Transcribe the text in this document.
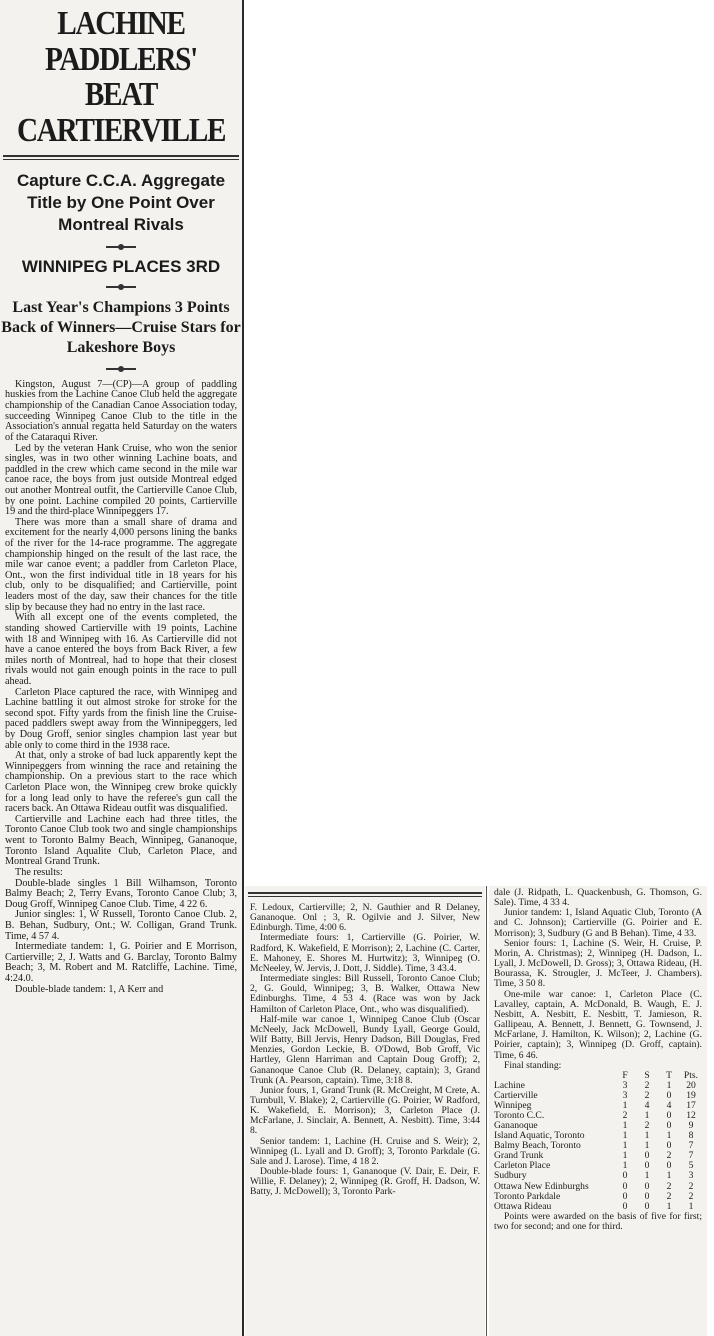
LACHINE PADDLERS' BEAT CARTIERVILLE
Capture C.C.A. Aggregate Title by One Point Over Montreal Rivals
WINNIPEG PLACES 3RD
Last Year's Champions 3 Points Back of Winners—Cruise Stars for Lakeshore Boys

Kingston, August 7—(CP)—A group of paddling huskies from the Lachine Canoe Club held the aggregate championship of the Canadian Canoe Association today, succeeding Winnipeg Canoe Club to the title in the Association's annual regatta held Saturday on the waters of the Cataraqui River.

Led by the veteran Hank Cruise, who won the senior singles, was in two other winning Lachine boats, and paddled in the crew which came second in the mile war canoe race, the boys from just outside Montreal edged out another Montreal outfit, the Cartierville Canoe Club, by one point. Lachine compiled 20 points, Cartierville 19 and the third-place Winnipeggers 17.

There was more than a small share of drama and excitement for the nearly 4,000 persons lining the banks of the river for the 14-race programme. The aggregate championship hinged on the result of the last race, the mile war canoe event; a paddler from Carleton Place, Ont., won the first individual title in 18 years for his club, only to be disqualified; and Cartierville, point leaders most of the day, saw their chances for the title slip by because they had no entry in the last race.

With all except one of the events completed, the standing showed Cartierville with 19 points, Lachine with 18 and Winnipeg with 16. As Cartierville did not have a canoe entered the boys from Back River, a few miles north of Montreal, had to hope that their closest rivals would not gain enough points in the race to pull ahead.

Carleton Place captured the race, with Winnipeg and Lachine battling it out almost stroke for stroke for the second spot. Fifty yards from the finish line the Cruise-paced paddlers swept away from the Winnipeggers, led by Doug Groff, senior singles champion last year but able only to come third in the 1938 race.

At that, only a stroke of bad luck apparently kept the Winnipeggers from winning the race and retaining the championship. On a previous start to the race which Carleton Place won, the Winnipeg crew broke quickly for a long lead only to have the referee's gun call the racers back. An Ottawa Rideau outfit was disqualified.

Cartierville and Lachine each had three titles, the Toronto Canoe Club took two and single championships went to Toronto Balmy Beach, Winnipeg, Gananoque, Toronto Island Aqualite Club, Carleton Place, and Montreal Grand Trunk.

The results:

Double-blade singles 1 Bill Wilhamson, Toronto Balmy Beach; 2, Terry Evans, Toronto Canoe Club; 3, Doug Groff, Winnipeg Canoe Club. Time, 4 22 6.

Junior singles: 1, W Russell, Toronto Canoe Club. 2, B. Behan, Sudbury, Ont.; W. Colligan, Grand Trunk. Time, 4 57 4.

Intermediate tandem: 1, G. Poirier and E Morrison, Cartierville; 2, J. Watts and G. Barclay, Toronto Balmy Beach; 3, M. Robert and M. Ratcliffe, Lachine. Time, 4:24.0.

Double-blade tandem: 1, A Kerr and

F. Ledoux, Cartierville; 2, N. Gauthier and R Delaney, Gananoque. Onl ; 3, R. Ogilvie and J. Silver, New Edinburgh. Time, 4:00 6.

Intermediate fours: 1, Cartierville (G. Poirier, W. Radford, K. Wakefield, E Morrison); 2, Lachine (C. Carter, E. Mahoney, E. Shores M. Hurtwitz); 3, Winnipeg (O. McNeeley, W. Jervis, J. Dott, J. Siddle). Time, 3 43.4.

Intermediate singles: Bill Russell, Toronto Canoe Club; 2, G. Gould, Winnipeg; 3, B. Walker, Ottawa New Edinburghs. Time, 4 53 4. (Race was won by Jack Hamilton of Carleton Place, Ont., who was disqualified).

Half-mile war canoe 1, Winnipeg Canoe Club (Oscar McNeely, Jack McDowell, Bundy Lyall, George Gould, Wilf Batty, Bill Jervis, Henry Dadson, Bill Douglas, Fred Menzies, Gordon Leckie, B. O'Dowd, Bob Groff, Vic Hartley, Glenn Harriman and Captain Doug Groff); 2, Gananoque Canoe Club (R. Delaney, captain); 3, Grand Trunk (A. Pearson, captain). Time, 3:18 8.

Junior fours, 1, Grand Trunk (R. McCreight, M Crete, A. Turnbull, V. Blake); 2, Cartierville (G. Poirier, W Radford, K. Wakefield, E. Morrison); 3, Carleton Place (J. McFarlane, J. Sinclair, A. Bennett, A. Nesbitt). Time, 3:44 8.

Senior tandem: 1, Lachine (H. Cruise and S. Weir); 2, Winnipeg (L. Lyall and D. Groff); 3, Toronto Parkdale (G. Sale and J. Larose). Time, 4 18 2.

Double-blade fours: 1, Gananoque (V. Dair, E. Deir, F. Willie, F. Delaney); 2, Winnipeg (R. Groff, H. Dadson, W. Batty, J. McDowell); 3, Toronto Park-

dale (J. Ridpath, L. Quackenbush, G. Thomson, G. Sale). Time, 4 33 4.

Junior tandem: 1, Island Aquatic Club, Toronto (A and C. Johnson); Cartierville (G. Poirier and E. Morrison); 3, Sudbury (G and B Behan). Time, 4 33.

Senior fours: 1, Lachine (S. Weir, H. Cruise, P. Morin, A. Christmas); 2, Winnipeg (H. Dadson, L. Lyall, J. McDowell, D. Gross); 3, Ottawa Rideau, (H. Bourassa, K. Strougler, J. McTeer, J. Chambers). Time, 3 50 8.

One-mile war canoe: 1, Carleton Place (C. Lavalley, captain, A. McDonald, B. Waugh, E. J. Nesbitt, A. Nesbitt, E. Nesbitt, T. Jamieson, R. Gallipeau, A. Bennett, J. Bennett, G. Townsend, J. McFarlane, J. Hamilton, K. Wilson); 2, Lachine (G. Poirier, captain); 3, Winnipeg (D. Groff, captain). Time, 6 46.

Final standing:

	F	S	T	Pts.
Lachine	3	2	1	20
Cartierville	3	2	0	19
Winnipeg	1	4	4	17
Toronto C.C.	2	1	0	12
Gananoque	1	2	0	9
Island Aquatic, Toronto	1	1	1	8
Balmy Beach, Toronto	1	1	0	7
Grand Trunk	1	0	2	7
Carleton Place	1	0	0	5
Sudbury	0	1	1	3
Ottawa New Edinburghs	0	0	2	2
Toronto Parkdale	0	0	2	2
Ottawa Rideau	0	0	1	1

Points were awarded on the basis of five for first; two for second; and one for third.
